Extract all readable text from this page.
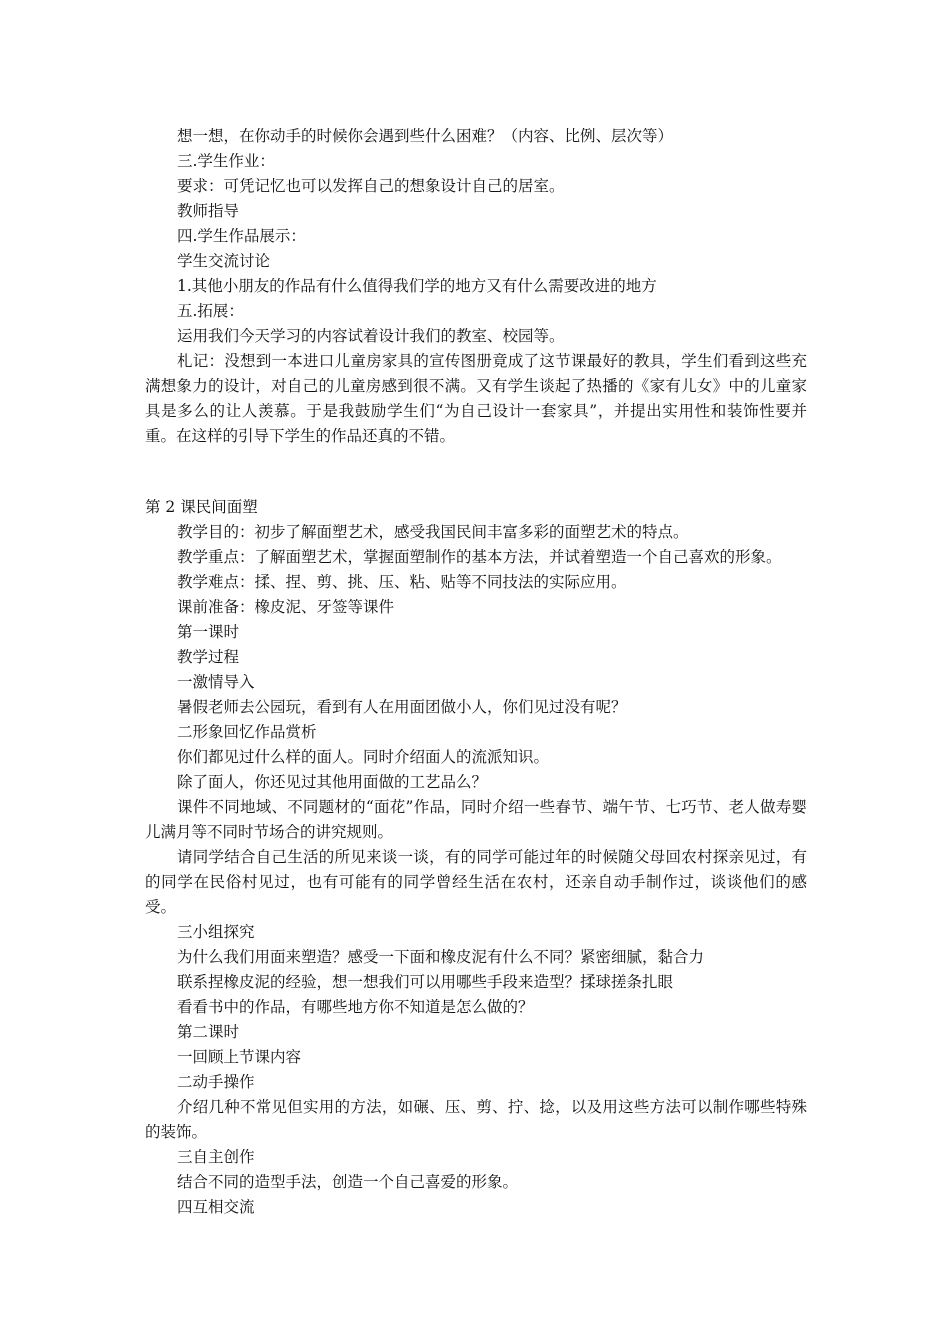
想一想，在你动手的时候你会遇到些什么困难？（内容、比例、层次等）
三.学生作业：
要求：可凭记忆也可以发挥自己的想象设计自己的居室。
教师指导
四.学生作品展示：
学生交流讨论
1.其他小朋友的作品有什么值得我们学的地方又有什么需要改进的地方
五.拓展：
运用我们今天学习的内容试着设计我们的教室、校园等。
札记：没想到一本进口儿童房家具的宣传图册竟成了这节课最好的教具，学生们看到这些充满想象力的设计，对自己的儿童房感到很不满。又有学生谈起了热播的《家有儿女》中的儿童家具是多么的让人羡慕。于是我鼓励学生们“为自己设计一套家具”，并提出实用性和装饰性要并重。在这样的引导下学生的作品还真的不错。
第 2 课民间面塑
教学目的：初步了解面塑艺术，感受我国民间丰富多彩的面塑艺术的特点。
教学重点：了解面塑艺术，掌握面塑制作的基本方法，并试着塑造一个自己喜欢的形象。
教学难点：揉、捏、剪、挑、压、粘、贴等不同技法的实际应用。
课前准备：橡皮泥、牙签等课件
第一课时
教学过程
一激情导入
暑假老师去公园玩，看到有人在用面团做小人，你们见过没有呢？
二形象回忆作品赏析
你们都见过什么样的面人。同时介绍面人的流派知识。
除了面人，你还见过其他用面做的工艺品么？
课件不同地域、不同题材的“面花”作品，同时介绍一些春节、端午节、七巧节、老人做寿婴儿满月等不同时节场合的讲究规则。
请同学结合自己生活的所见来谈一谈，有的同学可能过年的时候随父母回农村探亲见过，有的同学在民俗村见过，也有可能有的同学曾经生活在农村，还亲自动手制作过，谈谈他们的感受。
三小组探究
为什么我们用面来塑造？感受一下面和橡皮泥有什么不同？紧密细腻，黏合力
联系捏橡皮泥的经验，想一想我们可以用哪些手段来造型？揉球搓条扎眼
看看书中的作品，有哪些地方你不知道是怎么做的？
第二课时
一回顾上节课内容
二动手操作
介绍几种不常见但实用的方法，如碾、压、剪、拧、捻，以及用这些方法可以制作哪些特殊的装饰。
三自主创作
结合不同的造型手法，创造一个自己喜爱的形象。
四互相交流
